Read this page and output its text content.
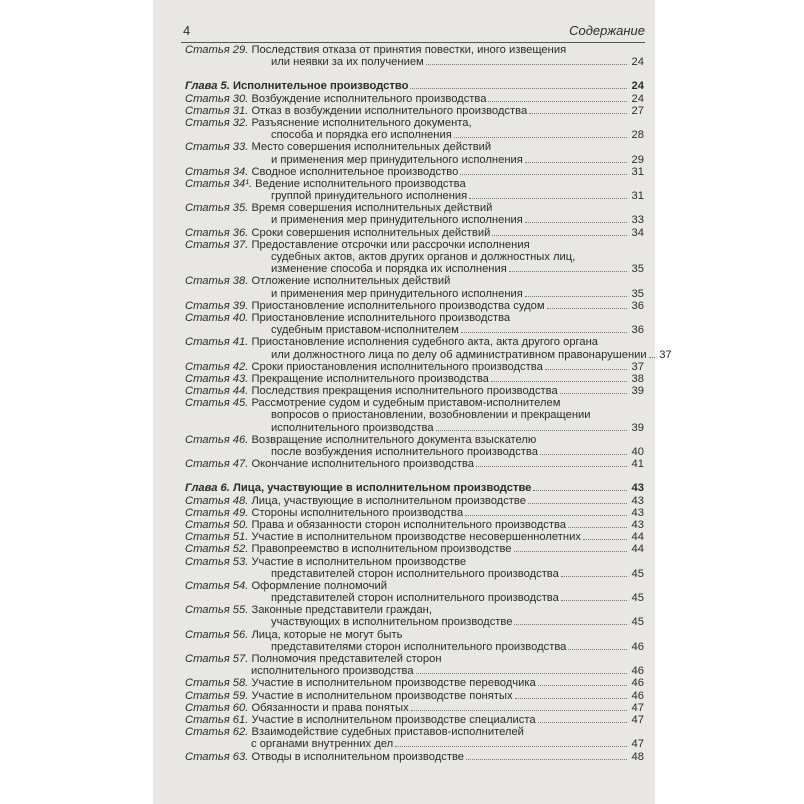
4	Содержание
Статья 29. Последствия отказа от принятия повестки, иного извещения
или неявки за их получением	24
Глава 5. Исполнительное производство	24
Статья 30. Возбуждение исполнительного производства	24
Статья 31. Отказ в возбуждении исполнительного производства	27
Статья 32. Разъяснение исполнительного документа,
способа и порядка его исполнения	28
Статья 33. Место совершения исполнительных действий
и применения мер принудительного исполнения	29
Статья 34. Сводное исполнительное производство	31
Статья 34¹. Ведение исполнительного производства
группой принудительного исполнения	31
Статья 35. Время совершения исполнительных действий
и применения мер принудительного исполнения	33
Статья 36. Сроки совершения исполнительных действий	34
Статья 37. Предоставление отсрочки или рассрочки исполнения
судебных актов, актов других органов и должностных лиц,
изменение способа и порядка их исполнения	35
Статья 38. Отложение исполнительных действий
и применения мер принудительного исполнения	35
Статья 39. Приостановление исполнительного производства судом	36
Статья 40. Приостановление исполнительного производства
судебным приставом-исполнителем	36
Статья 41. Приостановление исполнения судебного акта, акта другого органа
или должностного лица по делу об административном правонарушении 37
Статья 42. Сроки приостановления исполнительного производства	37
Статья 43. Прекращение исполнительного производства	38
Статья 44. Последствия прекращения исполнительного производства	39
Статья 45. Рассмотрение судом и судебным приставом-исполнителем
вопросов о приостановлении, возобновлении и прекращении
исполнительного производства	39
Статья 46. Возвращение исполнительного документа взыскателю
после возбуждения исполнительного производства	40
Статья 47. Окончание исполнительного производства	41
Глава 6. Лица, участвующие в исполнительном производстве	43
Статья 48. Лица, участвующие в исполнительном производстве	43
Статья 49. Стороны исполнительного производства	43
Статья 50. Права и обязанности сторон исполнительного производства	43
Статья 51. Участие в исполнительном производстве несовершеннолетних	44
Статья 52. Правопреемство в исполнительном производстве	44
Статья 53. Участие в исполнительном производстве
представителей сторон исполнительного производства	45
Статья 54. Оформление полномочий
представителей сторон исполнительного производства	45
Статья 55. Законные представители граждан,
участвующих в исполнительном производстве	45
Статья 56. Лица, которые не могут быть
представителями сторон исполнительного производства	46
Статья 57. Полномочия представителей сторон
исполнительного производства	46
Статья 58. Участие в исполнительном производстве переводчика	46
Статья 59. Участие в исполнительном производстве понятых	46
Статья 60. Обязанности и права понятых	47
Статья 61. Участие в исполнительном производстве специалиста	47
Статья 62. Взаимодействие судебных приставов-исполнителей
с органами внутренних дел	47
Статья 63. Отводы в исполнительном производстве	48
